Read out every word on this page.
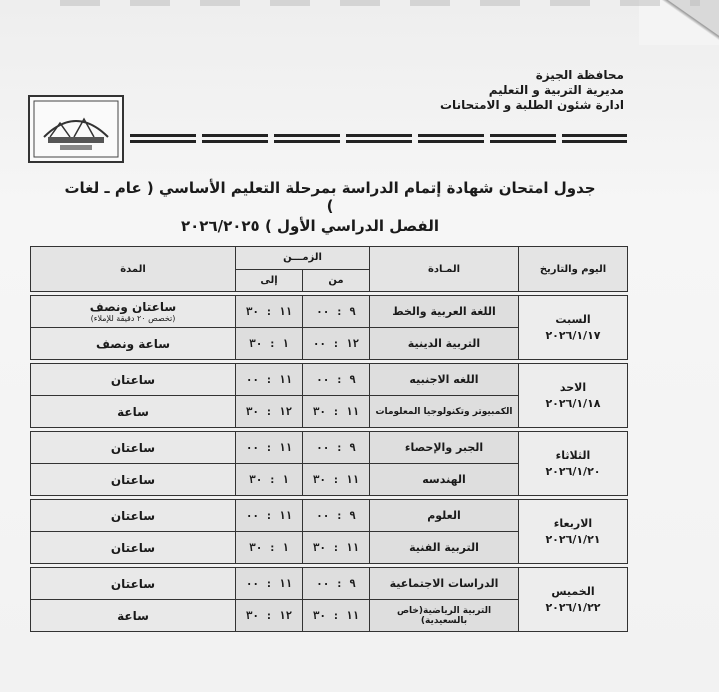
محافظة الجيزة
مديرية التربية و التعليم
ادارة شئون الطلبة و الامتحانات
جدول امتحان شهادة إتمام الدراسة بمرحلة التعليم الأساسي ( عام ـ لغات )
الفصل الدراسي الأول ) ٢٠٢٦/٢٠٢٥
اليوم والتاريخ	المـادة	الزمـــن		المدة
		من	إلى	

السبت
٢٠٢٦/١/١٧	اللغة العربية والخط	٩ : ٠٠	١١ : ٣٠	ساعتان ونصف
(تخصص ٢٠ دقيقة للإملاء)

	التربية الدينية	١٢ : ٠٠	١ : ٣٠	ساعة ونصف

الاحد
٢٠٢٦/١/١٨	اللغه الاجنبيه	٩ : ٠٠	١١ : ٠٠	ساعتان
	الكمبيوتر وتكنولوجيا المعلومات	١١ : ٣٠	١٢ : ٣٠	ساعة

الثلاثاء
٢٠٢٦/١/٢٠	الجبر والإحصاء	٩ : ٠٠	١١ : ٠٠	ساعتان
	الهندسه	١١ : ٣٠	١ : ٣٠	ساعتان

الاربعاء
٢٠٢٦/١/٢١	العلوم	٩ : ٠٠	١١ : ٠٠	ساعتان
	التربية الفنية	١١ : ٣٠	١ : ٣٠	ساعتان

الخميس
٢٠٢٦/١/٢٢	الدراسات الاجتماعية	٩ : ٠٠	١١ : ٠٠	ساعتان
	التربية الرياضية(خاص بالسعيدية)	١١ : ٣٠	١٢ : ٣٠	ساعة
